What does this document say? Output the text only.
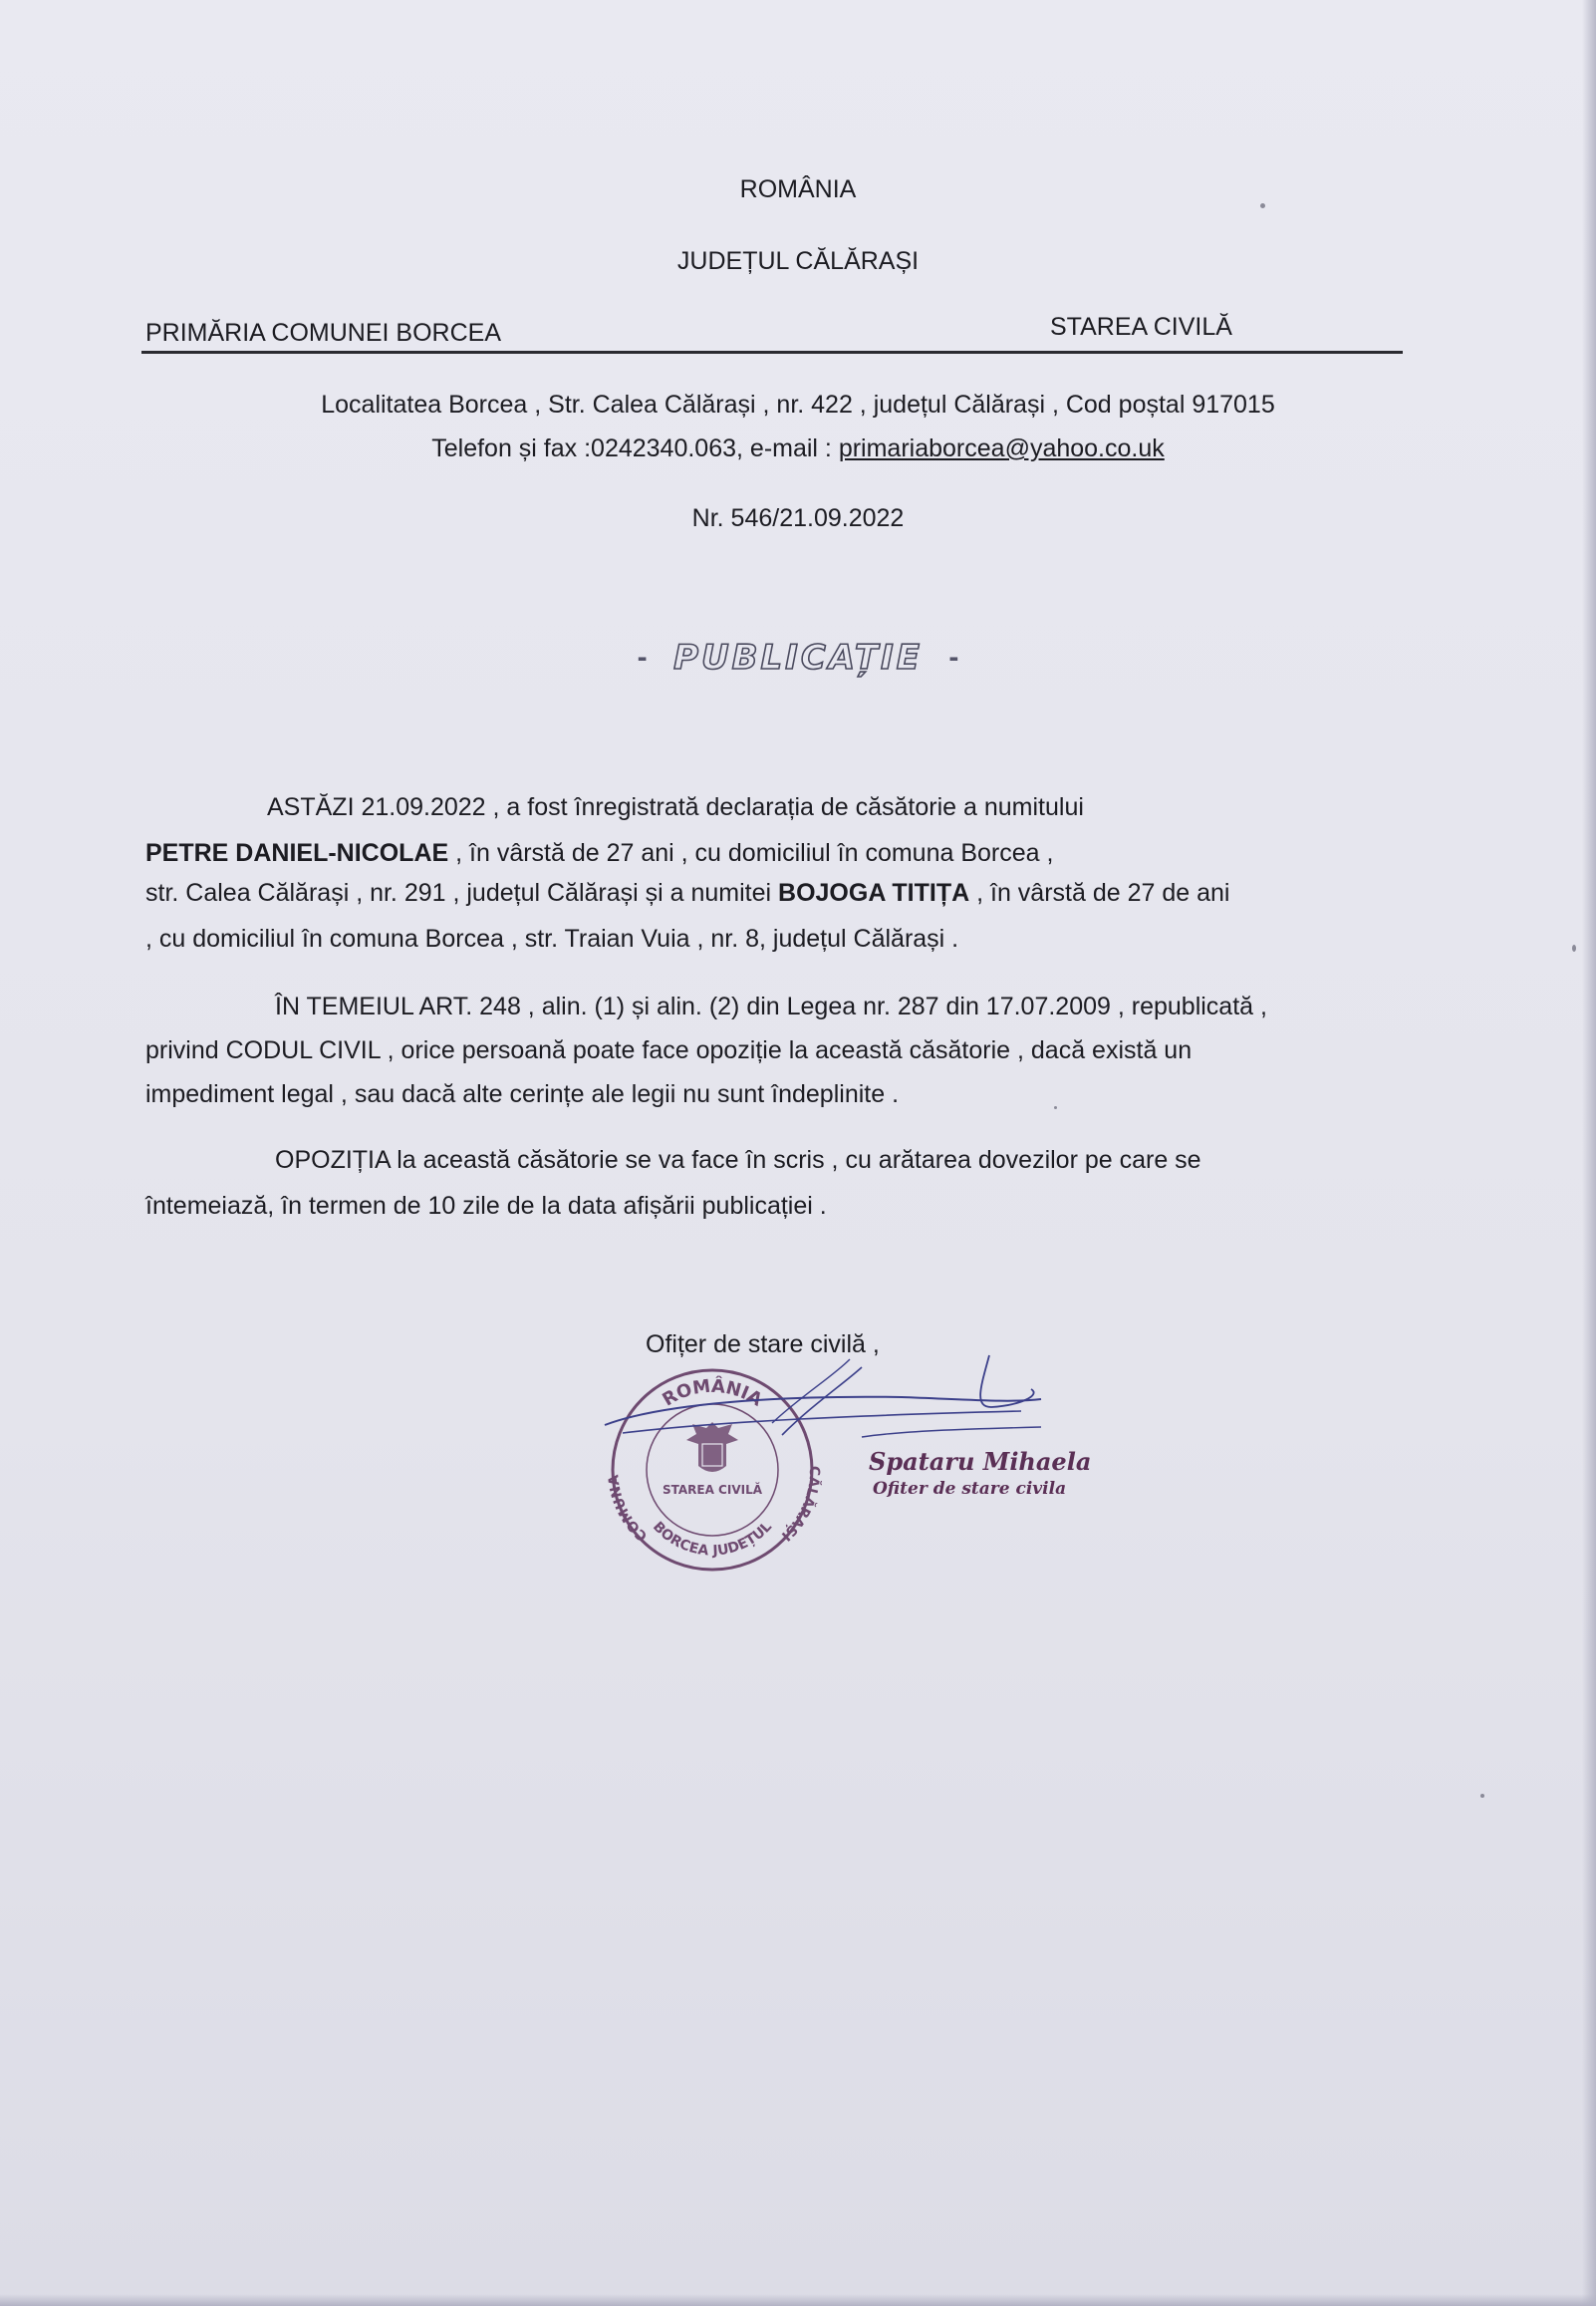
ROMÂNIA
JUDEȚUL CĂLĂRAȘI
PRIMĂRIA COMUNEI BORCEA	STAREA CIVILĂ
Localitatea Borcea , Str. Calea Călărași , nr. 422 , județul Călărași , Cod poștal 917015
Telefon și fax :0242340.063, e-mail : primariaborcea@yahoo.co.uk
Nr. 546/21.09.2022
- PUBLICAȚIE -
ASTĂZI 21.09.2022 , a fost înregistrată declarația de căsătorie a numitului
PETRE DANIEL-NICOLAE , în vârstă de 27 ani , cu domiciliul în comuna Borcea ,
str. Calea Călărași , nr. 291 , județul Călărași și a numitei BOJOGA TITIȚA , în vârstă de 27 de ani
, cu domiciliul în comuna Borcea , str. Traian Vuia , nr. 8, județul Călărași .
ÎN TEMEIUL ART. 248 , alin. (1) și alin. (2) din Legea nr. 287 din 17.07.2009 , republicată ,
privind CODUL CIVIL , orice persoană poate face opoziție la această căsătorie , dacă există un
impediment legal , sau dacă alte cerințe ale legii nu sunt îndeplinite .
OPOZIȚIA la această căsătorie se va face în scris , cu arătarea dovezilor pe care se
întemeiază, în termen de 10 zile de la data afișării publicației .
Ofițer de stare civilă ,
ROMÂNIA
COMUNA
BORCEA JUDEȚUL
CĂLĂRAȘI
STAREA CIVILĂ
Spataru Mihaela
Ofiter de stare civila
